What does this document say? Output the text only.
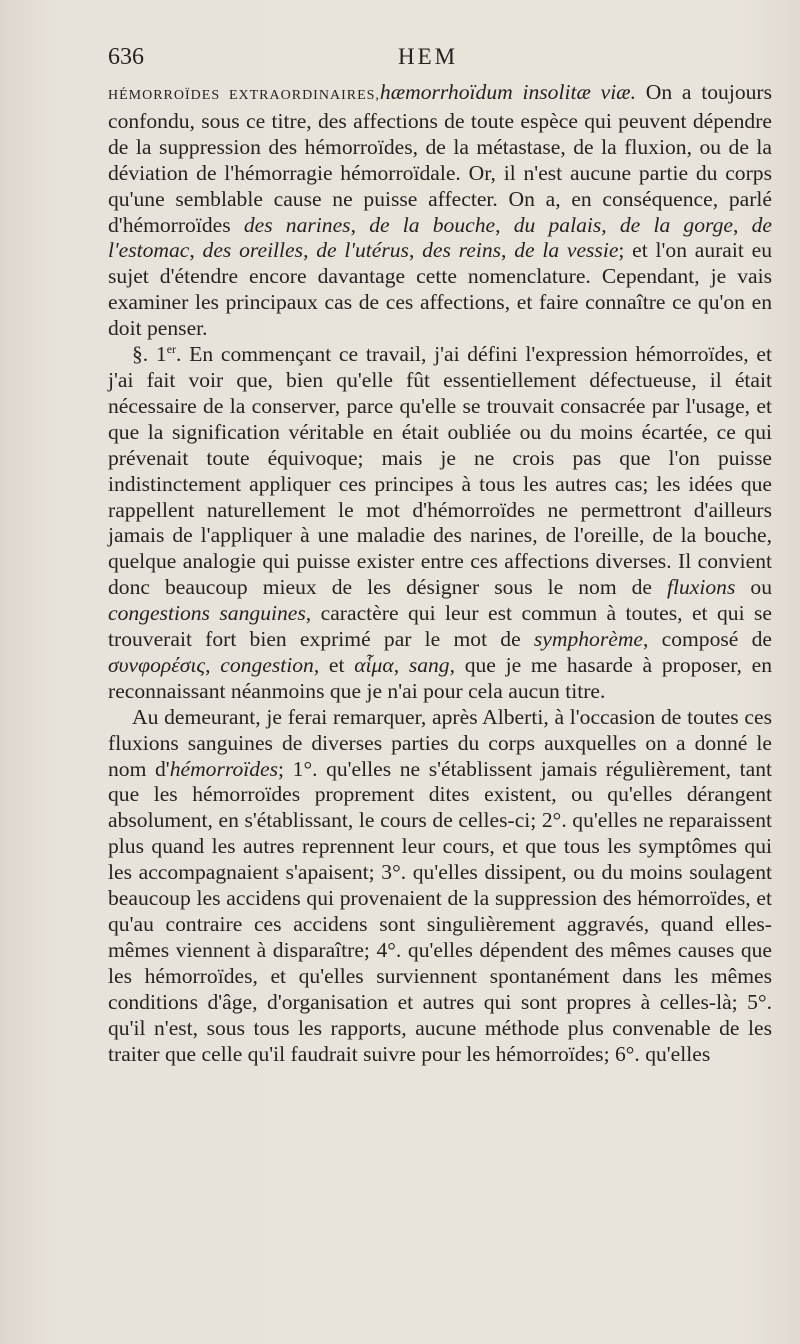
636	HEM

HÉMORROÏDES EXTRAORDINAIRES,hæmorrhoïdum insolitæ viæ. On a toujours confondu, sous ce titre, des affections de toute espèce qui peuvent dépendre de la suppression des hémorroïdes, de la métastase, de la fluxion, ou de la déviation de l'hémorragie hémorroïdale. Or, il n'est aucune partie du corps qu'une semblable cause ne puisse affecter. On a, en conséquence, parlé d'hémorroïdes des narines, de la bouche, du palais, de la gorge, de l'estomac, des oreilles, de l'utérus, des reins, de la vessie; et l'on aurait eu sujet d'étendre encore davantage cette nomenclature. Cependant, je vais examiner les principaux cas de ces affections, et faire connaître ce qu'on en doit penser.

§. 1er. En commençant ce travail, j'ai défini l'expression hémorroïdes, et j'ai fait voir que, bien qu'elle fût essentiellement défectueuse, il était nécessaire de la conserver, parce qu'elle se trouvait consacrée par l'usage, et que la signification véritable en était oubliée ou du moins écartée, ce qui prévenait toute équivoque; mais je ne crois pas que l'on puisse indistinctement appliquer ces principes à tous les autres cas; les idées que rappellent naturellement le mot d'hémorroïdes ne permettront d'ailleurs jamais de l'appliquer à une maladie des narines, de l'oreille, de la bouche, quelque analogie qui puisse exister entre ces affections diverses. Il convient donc beaucoup mieux de les désigner sous le nom de fluxions ou congestions sanguines, caractère qui leur est commun à toutes, et qui se trouverait fort bien exprimé par le mot de symphorème, composé de συνφορέσις, congestion, et αἷμα, sang, que je me hasarde à proposer, en reconnaissant néanmoins que je n'ai pour cela aucun titre.

Au demeurant, je ferai remarquer, après Alberti, à l'occasion de toutes ces fluxions sanguines de diverses parties du corps auxquelles on a donné le nom d'hémorroïdes; 1°. qu'elles ne s'établissent jamais régulièrement, tant que les hémorroïdes proprement dites existent, ou qu'elles dérangent absolument, en s'établissant, le cours de celles-ci; 2°. qu'elles ne reparaissent plus quand les autres reprennent leur cours, et que tous les symptômes qui les accompagnaient s'apaisent; 3°. qu'elles dissipent, ou du moins soulagent beaucoup les accidens qui provenaient de la suppression des hémorroïdes, et qu'au contraire ces accidens sont singulièrement aggravés, quand elles-mêmes viennent à disparaître; 4°. qu'elles dépendent des mêmes causes que les hémorroïdes, et qu'elles surviennent spontanément dans les mêmes conditions d'âge, d'organisation et autres qui sont propres à celles-là; 5°. qu'il n'est, sous tous les rapports, aucune méthode plus convenable de les traiter que celle qu'il faudrait suivre pour les hémorroïdes; 6°. qu'elles
